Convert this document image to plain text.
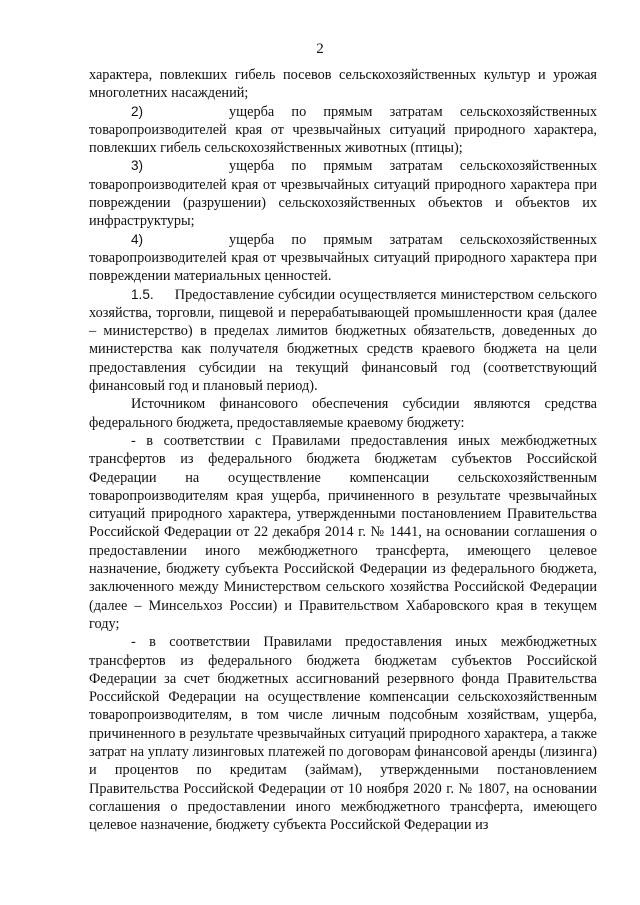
2

характера, повлекших гибель посевов сельскохозяйственных культур и урожая многолетних насаждений;

2)	ущерба по прямым затратам сельскохозяйственных товаропроизводителей края от чрезвычайных ситуаций природного характера, повлекших гибель сельскохозяйственных животных (птицы);

3)	ущерба по прямым затратам сельскохозяйственных товаропроизводителей края от чрезвычайных ситуаций природного характера при повреждении (разрушении) сельскохозяйственных объектов и объектов их инфраструктуры;

4)	ущерба по прямым затратам сельскохозяйственных товаропроизводителей края от чрезвычайных ситуаций природного характера при повреждении материальных ценностей.

1.5. Предоставление субсидии осуществляется министерством сельского хозяйства, торговли, пищевой и перерабатывающей промышленности края (далее – министерство) в пределах лимитов бюджетных обязательств, доведенных до министерства как получателя бюджетных средств краевого бюджета на цели предоставления субсидии на текущий финансовый год (соответствующий финансовый год и плановый период).

Источником финансового обеспечения субсидии являются средства федерального бюджета, предоставляемые краевому бюджету:

- в соответствии с Правилами предоставления иных межбюджетных трансфертов из федерального бюджета бюджетам субъектов Российской Федерации на осуществление компенсации сельскохозяйственным товаропроизводителям края ущерба, причиненного в результате чрезвычайных ситуаций природного характера, утвержденными постановлением Правительства Российской Федерации от 22 декабря 2014 г. № 1441, на основании соглашения о предоставлении иного межбюджетного трансферта, имеющего целевое назначение, бюджету субъекта Российской Федерации из федерального бюджета, заключенного между Министерством сельского хозяйства Российской Федерации (далее – Минсельхоз России) и Правительством Хабаровского края в текущем году;

- в соответствии Правилами предоставления иных межбюджетных трансфертов из федерального бюджета бюджетам субъектов Российской Федерации за счет бюджетных ассигнований резервного фонда Правительства Российской Федерации на осуществление компенсации сельскохозяйственным товаропроизводителям, в том числе личным подсобным хозяйствам, ущерба, причиненного в результате чрезвычайных ситуаций природного характера, а также затрат на уплату лизинговых платежей по договорам финансовой аренды (лизинга) и процентов по кредитам (займам), утвержденными постановлением Правительства Российской Федерации от 10 ноября 2020 г. № 1807, на основании соглашения о предоставлении иного межбюджетного трансферта, имеющего целевое назначение, бюджету субъекта Российской Федерации из
